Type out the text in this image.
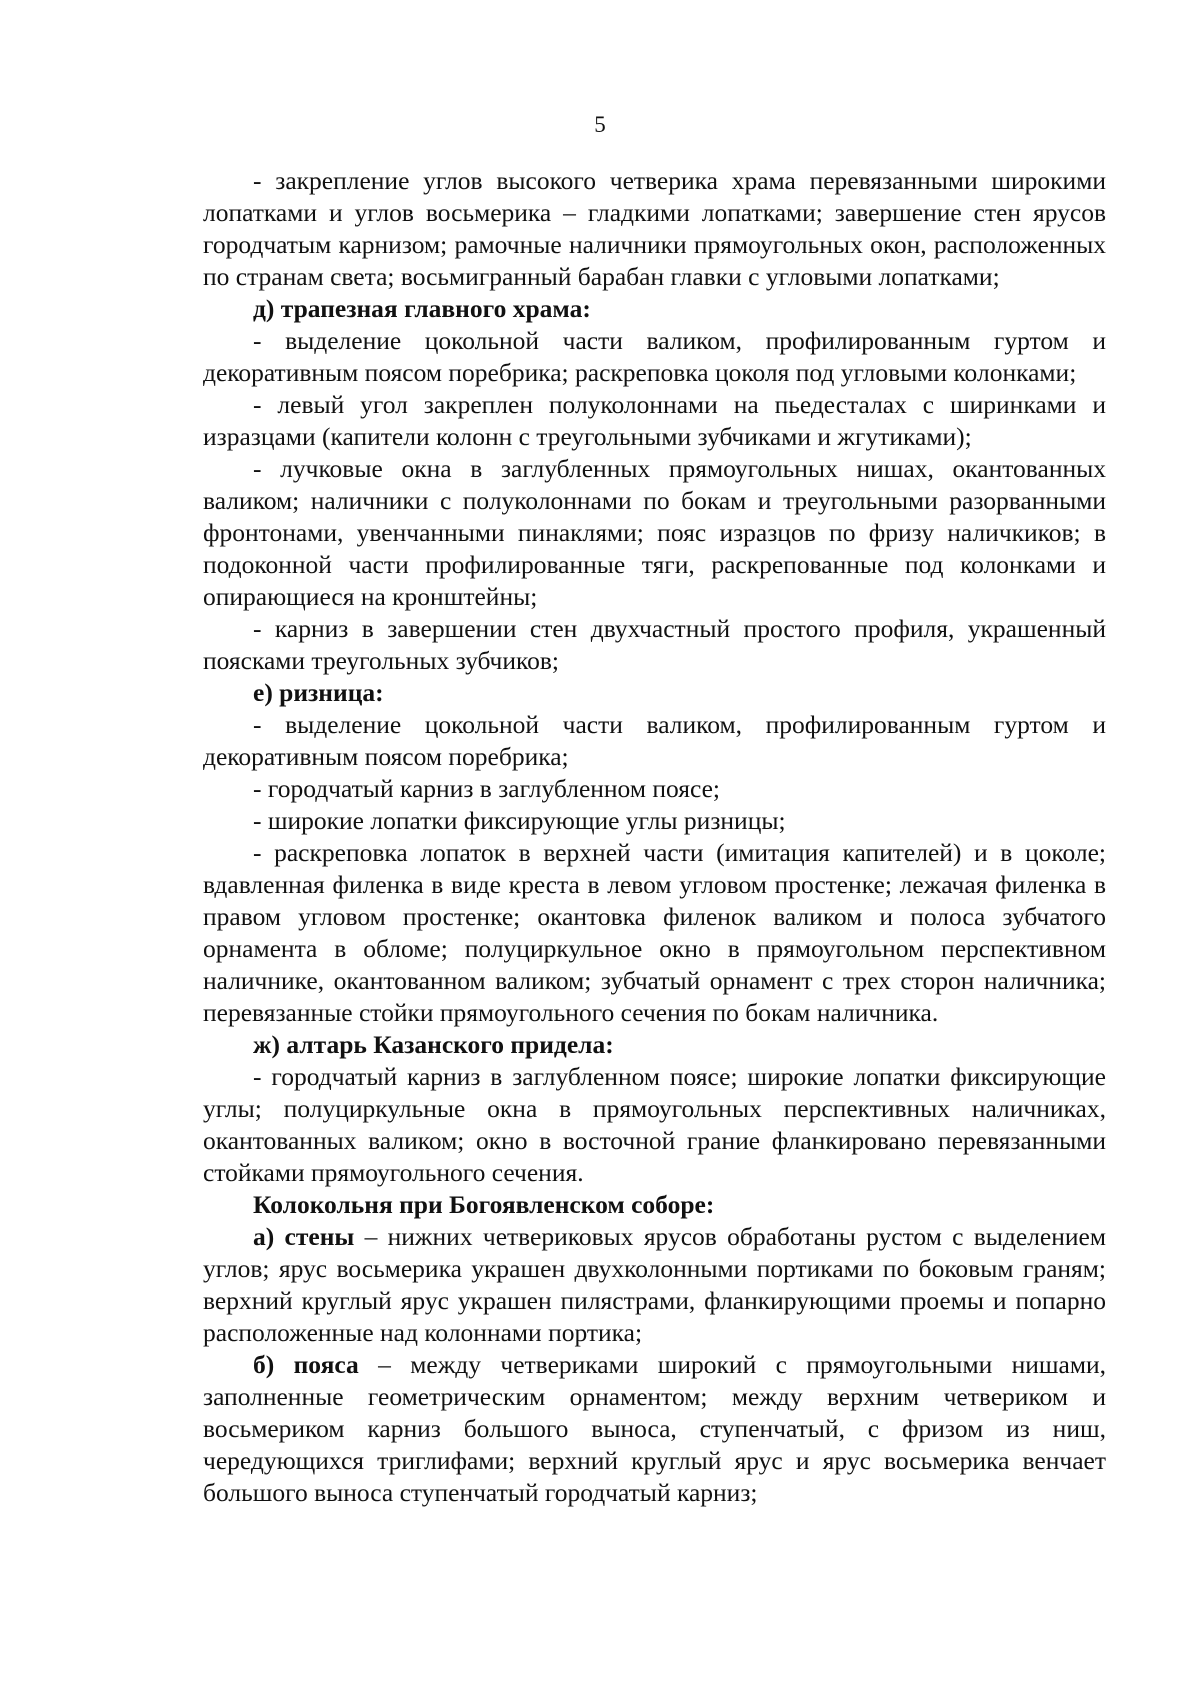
5

- закрепление углов высокого четверика храма перевязанными широкими лопатками и углов восьмерика – гладкими лопатками; завершение стен ярусов городчатым карнизом; рамочные наличники прямоугольных окон, расположенных по странам света; восьмигранный барабан главки с угловыми лопатками;

д) трапезная главного храма:

- выделение цокольной части валиком, профилированным гуртом и декоративным поясом поребрика; раскреповка цоколя под угловыми колонками;

- левый угол закреплен полуколоннами на пьедесталах с ширинками и изразцами (капители колонн с треугольными зубчиками и жгутиками);

- лучковые окна в заглубленных прямоугольных нишах, окантованных валиком; наличники с полуколоннами по бокам и треугольными разорванными фронтонами, увенчанными пинаклями; пояс изразцов по фризу наличкиков; в подоконной части профилированные тяги, раскрепованные под колонками и опирающиеся на кронштейны;

- карниз в завершении стен двухчастный простого профиля, украшенный поясками треугольных зубчиков;

е) ризница:

- выделение цокольной части валиком, профилированным гуртом и декоративным поясом поребрика;

- городчатый карниз в заглубленном поясе;

- широкие лопатки фиксирующие углы ризницы;

- раскреповка лопаток в верхней части (имитация капителей) и в цоколе; вдавленная филенка в виде креста в левом угловом простенке; лежачая филенка в правом угловом простенке; окантовка филенок валиком и полоса зубчатого орнамента в обломе; полуциркульное окно в прямоугольном перспективном наличнике, окантованном валиком; зубчатый орнамент с трех сторон наличника; перевязанные стойки прямоугольного сечения по бокам наличника.

ж) алтарь Казанского придела:

- городчатый карниз в заглубленном поясе; широкие лопатки фиксирующие углы; полуциркульные окна в прямоугольных перспективных наличниках, окантованных валиком; окно в восточной грание фланкировано перевязанными стойками прямоугольного сечения.

Колокольня при Богоявленском соборе:

а) стены – нижних четвериковых ярусов обработаны рустом с выделением углов; ярус восьмерика украшен двухколонными портиками по боковым граням; верхний круглый ярус украшен пилястрами, фланкирующими проемы и попарно расположенные над колоннами портика;

б) пояса – между четвериками широкий с прямоугольными нишами, заполненные геометрическим орнаментом; между верхним четвериком и восьмериком карниз большого выноса, ступенчатый, с фризом из ниш, чередующихся триглифами; верхний круглый ярус и ярус восьмерика венчает большого выноса ступенчатый городчатый карниз;
